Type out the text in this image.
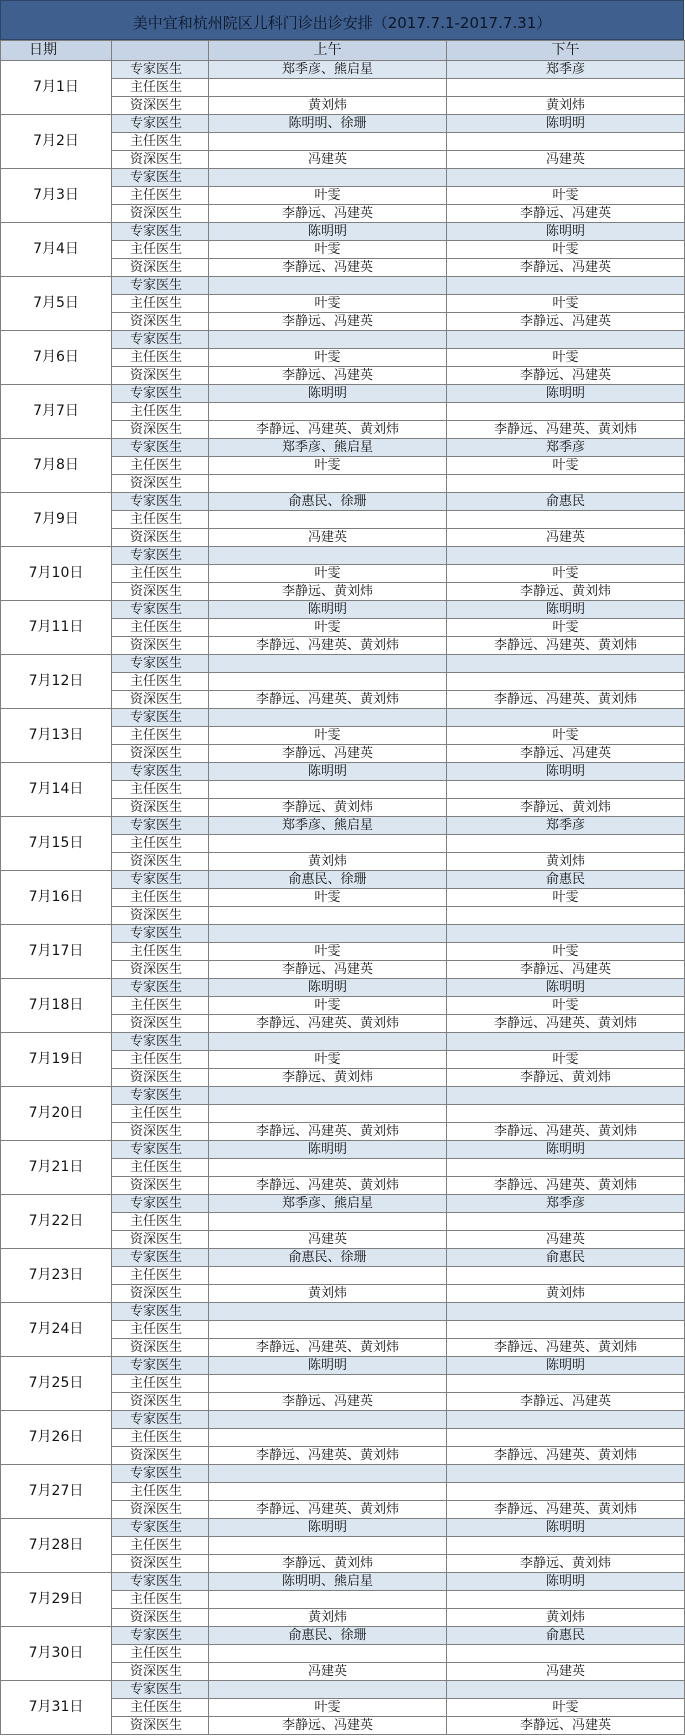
美中宜和杭州院区儿科门诊出诊安排（2017.7.1-2017.7.31）
日期		上午	下午
7月1日	专家医生	郑季彦、熊启星	郑季彦
	主任医生		
	资深医生	黄刘炜	黄刘炜
7月2日	专家医生	陈明明、徐珊	陈明明
	主任医生		
	资深医生	冯建英	冯建英
7月3日	专家医生		
	主任医生	叶雯	叶雯
	资深医生	李静远、冯建英	李静远、冯建英
7月4日	专家医生	陈明明	陈明明
	主任医生	叶雯	叶雯
	资深医生	李静远、冯建英	李静远、冯建英
7月5日	专家医生		
	主任医生	叶雯	叶雯
	资深医生	李静远、冯建英	李静远、冯建英
7月6日	专家医生		
	主任医生	叶雯	叶雯
	资深医生	李静远、冯建英	李静远、冯建英
7月7日	专家医生	陈明明	陈明明
	主任医生		
	资深医生	李静远、冯建英、黄刘炜	李静远、冯建英、黄刘炜
7月8日	专家医生	郑季彦、熊启星	郑季彦
	主任医生	叶雯	叶雯
	资深医生		
7月9日	专家医生	俞惠民、徐珊	俞惠民
	主任医生		
	资深医生	冯建英	冯建英
7月10日	专家医生		
	主任医生	叶雯	叶雯
	资深医生	李静远、黄刘炜	李静远、黄刘炜
7月11日	专家医生	陈明明	陈明明
	主任医生	叶雯	叶雯
	资深医生	李静远、冯建英、黄刘炜	李静远、冯建英、黄刘炜
7月12日	专家医生		
	主任医生		
	资深医生	李静远、冯建英、黄刘炜	李静远、冯建英、黄刘炜
7月13日	专家医生		
	主任医生	叶雯	叶雯
	资深医生	李静远、冯建英	李静远、冯建英
7月14日	专家医生	陈明明	陈明明
	主任医生		
	资深医生	李静远、黄刘炜	李静远、黄刘炜
7月15日	专家医生	郑季彦、熊启星	郑季彦
	主任医生		
	资深医生	黄刘炜	黄刘炜
7月16日	专家医生	俞惠民、徐珊	俞惠民
	主任医生	叶雯	叶雯
	资深医生		
7月17日	专家医生		
	主任医生	叶雯	叶雯
	资深医生	李静远、冯建英	李静远、冯建英
7月18日	专家医生	陈明明	陈明明
	主任医生	叶雯	叶雯
	资深医生	李静远、冯建英、黄刘炜	李静远、冯建英、黄刘炜
7月19日	专家医生		
	主任医生	叶雯	叶雯
	资深医生	李静远、黄刘炜	李静远、黄刘炜
7月20日	专家医生		
	主任医生		
	资深医生	李静远、冯建英、黄刘炜	李静远、冯建英、黄刘炜
7月21日	专家医生	陈明明	陈明明
	主任医生		
	资深医生	李静远、冯建英、黄刘炜	李静远、冯建英、黄刘炜
7月22日	专家医生	郑季彦、熊启星	郑季彦
	主任医生		
	资深医生	冯建英	冯建英
7月23日	专家医生	俞惠民、徐珊	俞惠民
	主任医生		
	资深医生	黄刘炜	黄刘炜
7月24日	专家医生		
	主任医生		
	资深医生	李静远、冯建英、黄刘炜	李静远、冯建英、黄刘炜
7月25日	专家医生	陈明明	陈明明
	主任医生		
	资深医生	李静远、冯建英	李静远、冯建英
7月26日	专家医生		
	主任医生		
	资深医生	李静远、冯建英、黄刘炜	李静远、冯建英、黄刘炜
7月27日	专家医生		
	主任医生		
	资深医生	李静远、冯建英、黄刘炜	李静远、冯建英、黄刘炜
7月28日	专家医生	陈明明	陈明明
	主任医生		
	资深医生	李静远、黄刘炜	李静远、黄刘炜
7月29日	专家医生	陈明明、熊启星	陈明明
	主任医生		
	资深医生	黄刘炜	黄刘炜
7月30日	专家医生	俞惠民、徐珊	俞惠民
	主任医生		
	资深医生	冯建英	冯建英
7月31日	专家医生		
	主任医生	叶雯	叶雯
	资深医生	李静远、冯建英	李静远、冯建英
